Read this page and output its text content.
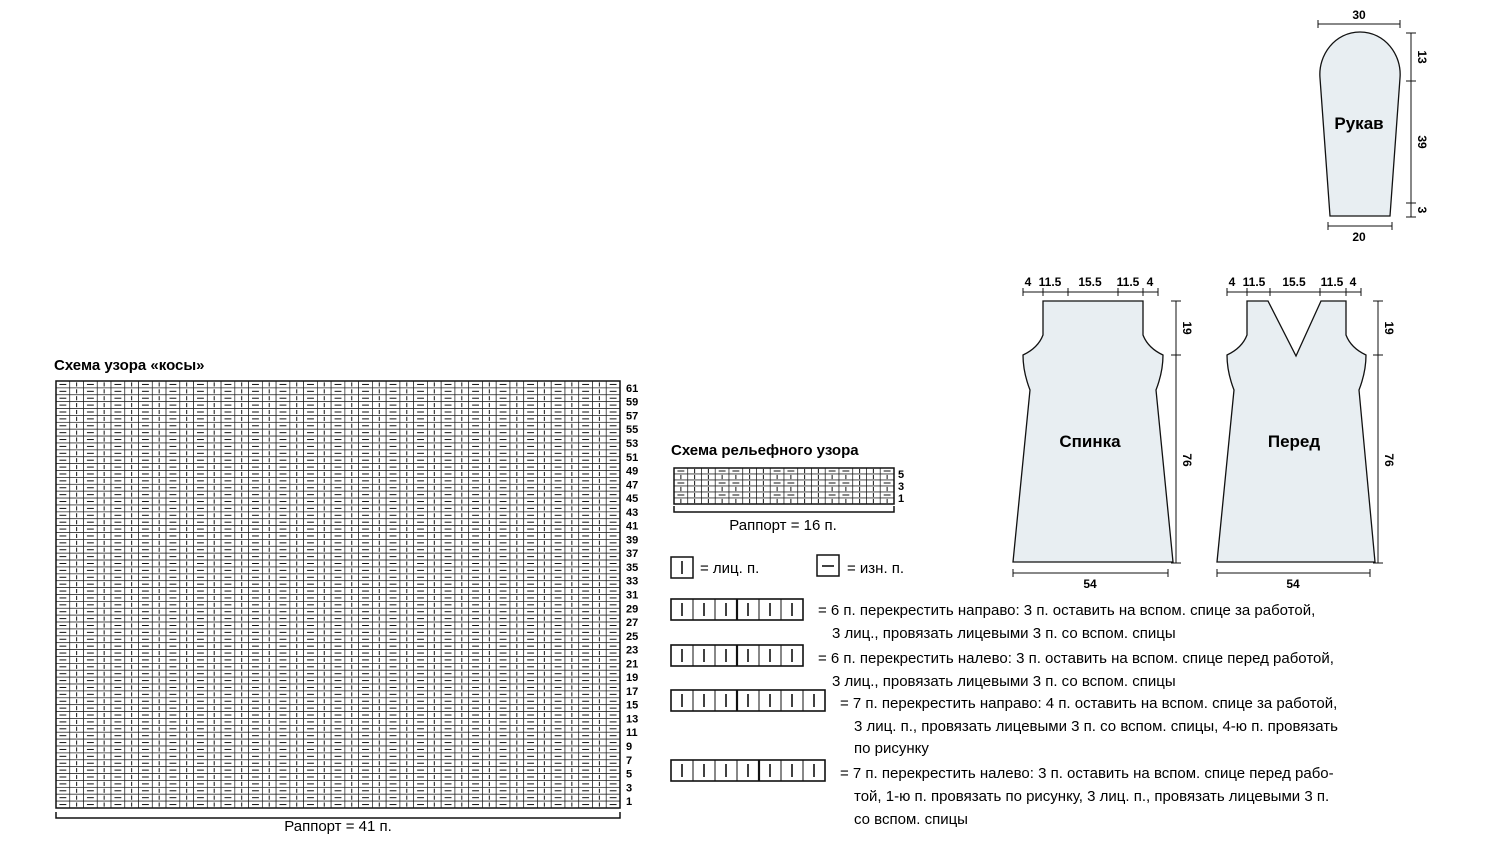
Схема узора «косы»
61
59
57
55
53
51
49
47
45
43
41
39
37
35
33
31
29
27
25
23
21
19
17
15
13
11
9
7
5
3
1
Раппорт = 41 п.
Схема рельефного узора
5
3
1
Раппорт = 16 п.
= лиц. п.	= изн. п.
= 6 п. перекрестить направо: 3 п. оставить на вспом. спице за работой,
3 лиц., провязать лицевыми 3 п. со вспом. спицы
= 6 п. перекрестить налево: 3 п. оставить на вспом. спице перед работой,
3 лиц., провязать лицевыми 3 п. со вспом. спицы
= 7 п. перекрестить направо: 4 п. оставить на вспом. спице за работой,
3 лиц. п., провязать лицевыми 3 п. со вспом. спицы, 4-ю п. провязать
по рисунку
= 7 п. перекрестить налево: 3 п. оставить на вспом. спице перед рабо-
той, 1-ю п. провязать по рисунку, 3 лиц. п., провязать лицевыми 3 п.
со вспом. спицы
Рукав
30
20
13
39
3
Спинка
4 11.5 15.5 11.5 4
19
76
54
Перед
4 11.5 15.5 11.5 4
19
76
54
